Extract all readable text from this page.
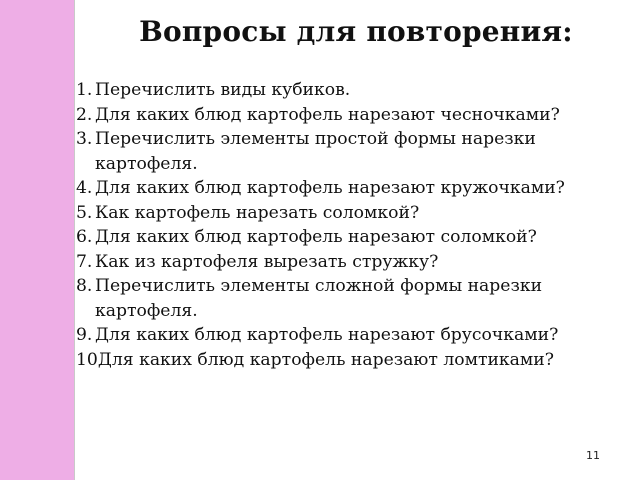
Вопросы для повторения:
1. Перечислить виды кубиков.
2. Для каких блюд картофель нарезают чесночками?
3. Перечислить элементы простой формы нарезки
картофеля.
4. Для каких блюд картофель нарезают кружочками?
5. Как картофель нарезать соломкой?
6. Для каких блюд картофель нарезают соломкой?
7. Как из картофеля вырезать стружку?
8. Перечислить элементы сложной формы нарезки
картофеля.
9. Для каких блюд картофель нарезают брусочками?
10 Для каких блюд картофель нарезают ломтиками?
11
